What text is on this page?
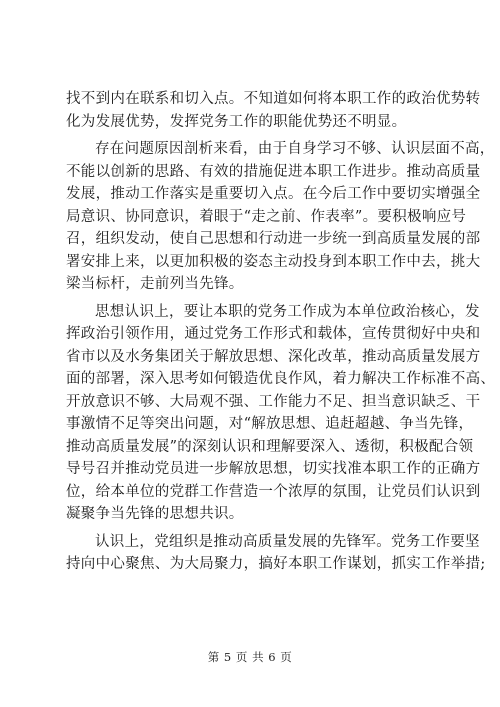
找不到内在联系和切入点。不知道如何将本职工作的政治优势转
化为发展优势，发挥党务工作的职能优势还不明显。

存在问题原因剖析来看，由于自身学习不够、认识层面不高，
不能以创新的思路、有效的措施促进本职工作进步。推动高质量
发展，推动工作落实是重要切入点。在今后工作中要切实增强全
局意识、协同意识，着眼于“走之前、作表率”。要积极响应号
召，组织发动，使自己思想和行动进一步统一到高质量发展的部
署安排上来，以更加积极的姿态主动投身到本职工作中去，挑大
梁当标杆，走前列当先锋。

思想认识上，要让本职的党务工作成为本单位政治核心，发
挥政治引领作用，通过党务工作形式和载体，宣传贯彻好中央和
省市以及水务集团关于解放思想、深化改革，推动高质量发展方
面的部署，深入思考如何锻造优良作风，着力解决工作标准不高、
开放意识不够、大局观不强、工作能力不足、担当意识缺乏、干
事激情不足等突出问题，对“解放思想、追赶超越、争当先锋，
推动高质量发展”的深刻认识和理解要深入、透彻，积极配合领
导号召并推动党员进一步解放思想，切实找准本职工作的正确方
位，给本单位的党群工作营造一个浓厚的氛围，让党员们认识到
凝聚争当先锋的思想共识。

认识上，党组织是推动高质量发展的先锋军。党务工作要坚
持向中心聚焦、为大局聚力，搞好本职工作谋划，抓实工作举措;

第 5 页 共 6 页
